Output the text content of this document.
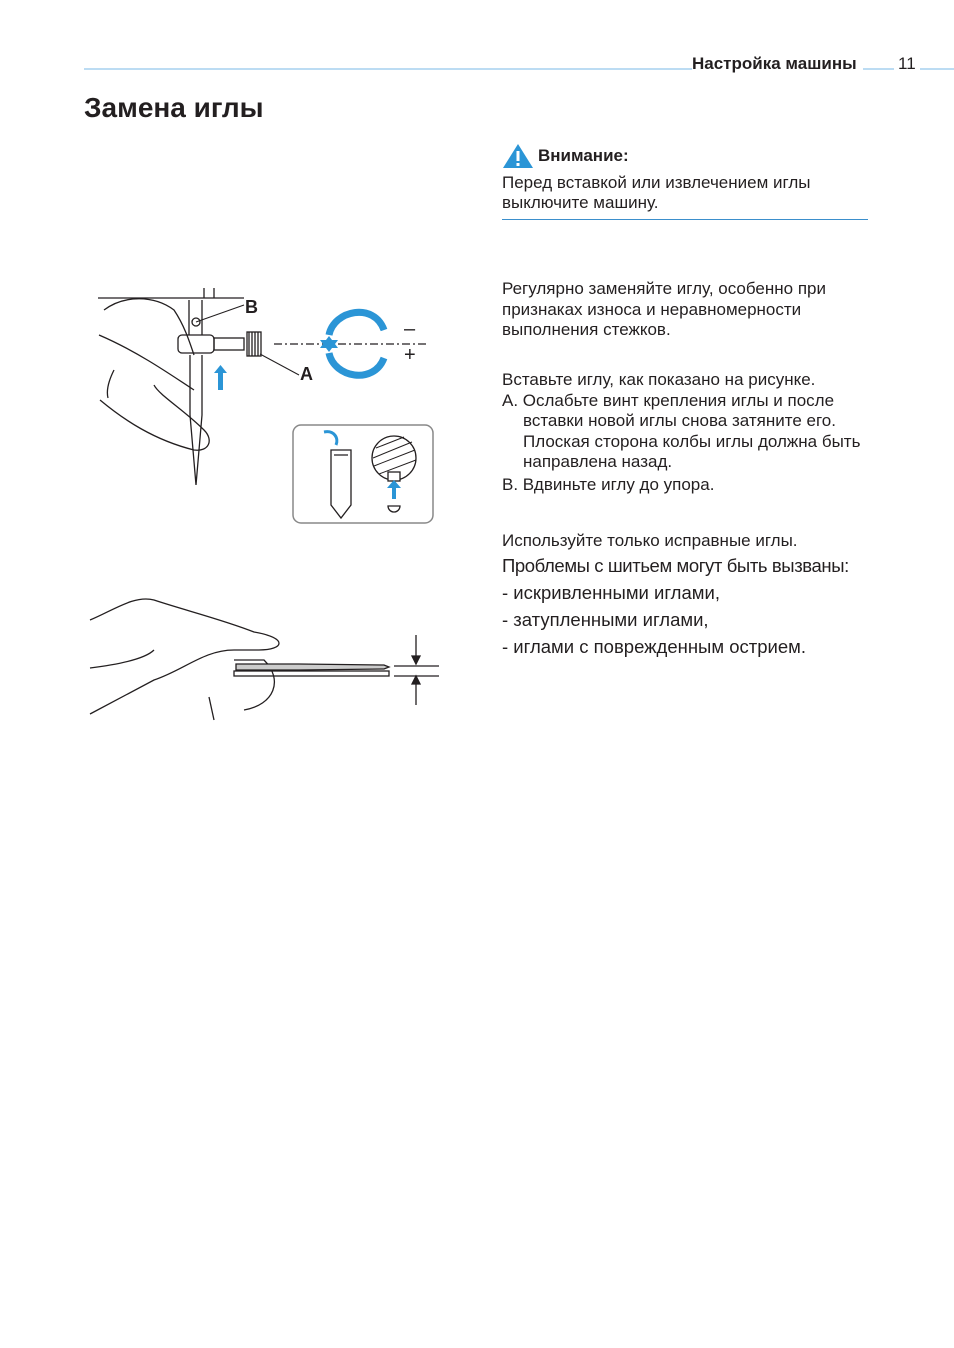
Настройка машины	11
Замена иглы
Внимание:
Перед вставкой или извлечением иглы выключите машину.
Регулярно заменяйте иглу, особенно при признаках износа и неравномерности выполнения стежков.

Вставьте иглу, как показано на рисунке.

A. Ослабьте винт крепления иглы и после вставки новой иглы снова затяните его. Плоская сторона колбы иглы должна быть направлена назад.

B. Вдвиньте иглу до упора.

Используйте только исправные иглы.

Проблемы с шитьем могут быть вызваны:

- искривленными иглами,

- затупленными иглами,

- иглами с поврежденным острием.

B
A
–
+
